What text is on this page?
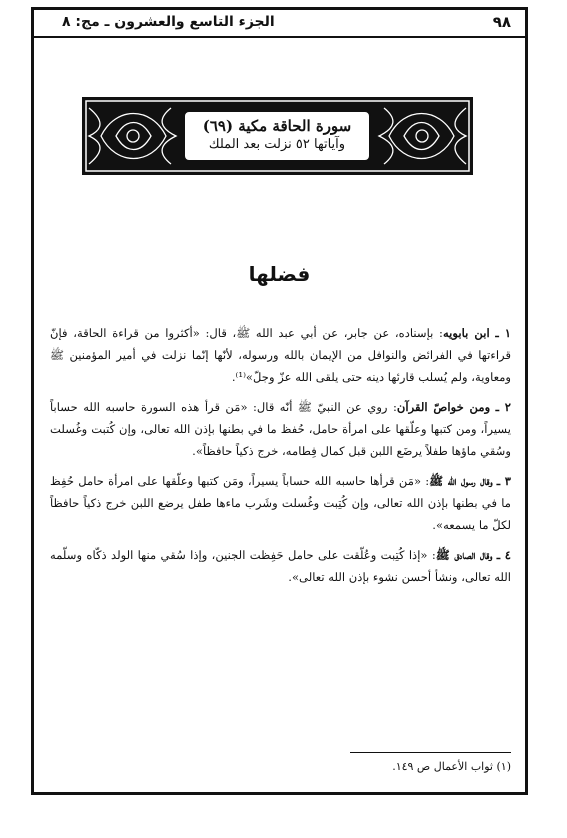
الجزء التاسع والعشرون ـ مج: ٨	٩٨
(٦٩) سورة الحاقة مكية
وآياتها ٥٢ نزلت بعد الملك
فضلها

١ ـ ابن بابويه: بإسناده، عن جابر، عن أبي عبد الله ﷺ، قال: «أكثروا من قراءة الحاقة، فإنّ قراءتها في الفرائض والنوافل من الإيمان بالله ورسوله، لأنّها إنّما نزلت في أمير المؤمنين ﷺ ومعاوية، ولم يُسلب قارئها دينه حتى يلقى الله عزّ وجلّ»⁽¹⁾.

٢ ـ ومن خواصّ القرآن: روي عن النبيّ ﷺ أنّه قال: «مَن قرأ هذه السورة حاسبه الله حساباً يسيراً، ومن كتبها وعلّقها على امرأة حامل، حُفظ ما في بطنها بإذن الله تعالى، وإن كُتبت وغُسلت وسُقي ماؤها طفلاً يرضَع اللبن قبل كمال فِطامه، خرج ذكياً حافظاً».

٣ ـ وقال رسول الله ﷺ: «مَن قرأها حاسبه الله حساباً يسيراً، ومَن كتبها وعلّقها على امرأة حامل حُفِظ ما في بطنها بإذن الله تعالى، وإن كُتِبت وغُسلت وشَرب ماءها طفل يرضع اللبن خرج ذكياً حافظاً لكلّ ما يسمعه».

٤ ـ وقال الصادق ﷺ: «إذا كُتِبت وعُلّقت على حامل حَفِظت الجنين، وإذا سُقي منها الولد ذكّاه وسلّمه الله تعالى، ونشأ أحسن نشوء بإذن الله تعالى».

(١) ثواب الأعمال ص ١٤٩.
